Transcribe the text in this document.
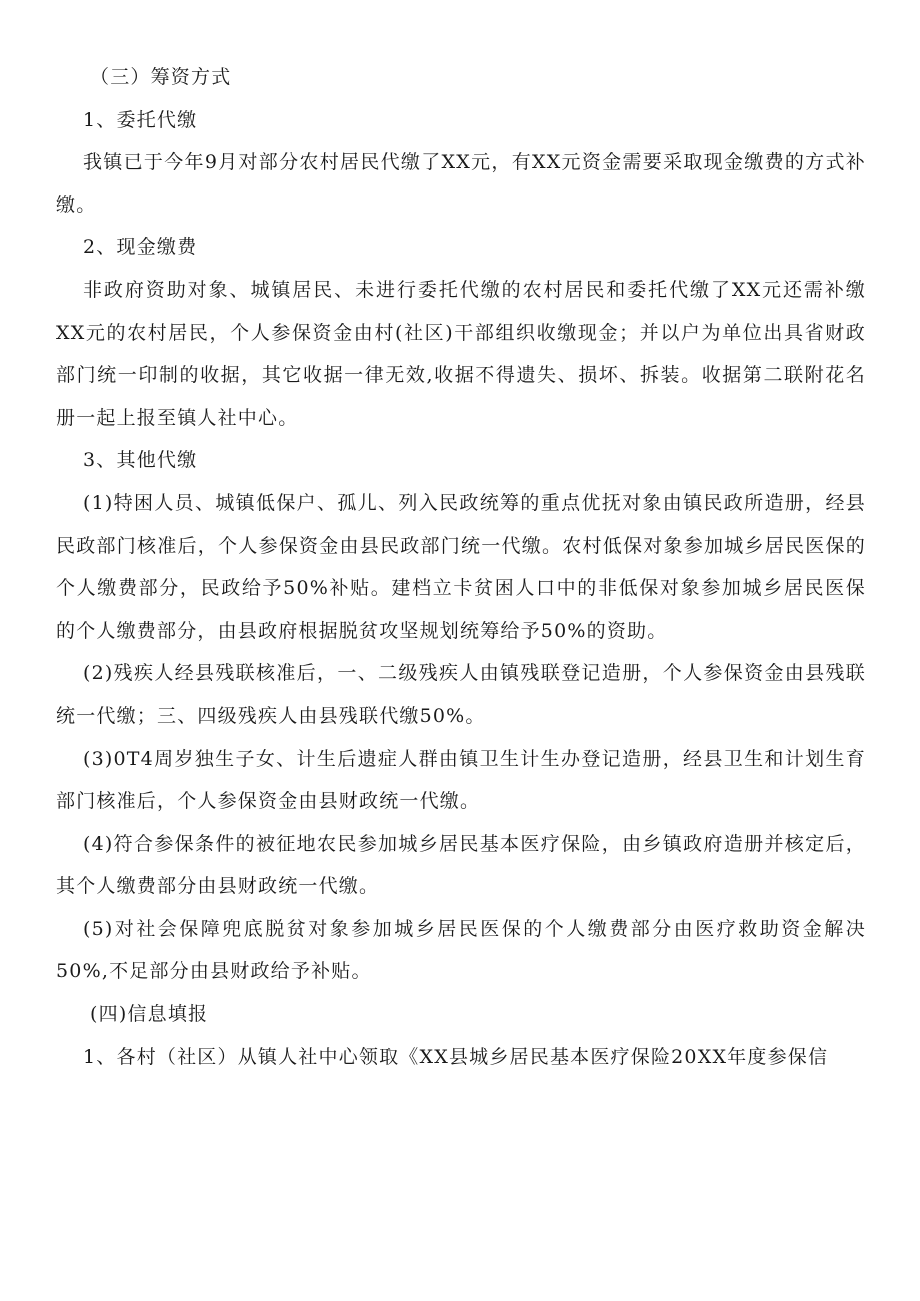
（三）筹资方式

1、委托代缴

我镇已于今年9月对部分农村居民代缴了XX元，有XX元资金需要采取现金缴费的方式补缴。

2、现金缴费

非政府资助对象、城镇居民、未进行委托代缴的农村居民和委托代缴了XX元还需补缴XX元的农村居民，个人参保资金由村(社区)干部组织收缴现金；并以户为单位出具省财政部门统一印制的收据，其它收据一律无效,收据不得遗失、损坏、拆装。收据第二联附花名册一起上报至镇人社中心。

3、其他代缴

(1)特困人员、城镇低保户、孤儿、列入民政统筹的重点优抚对象由镇民政所造册，经县民政部门核准后，个人参保资金由县民政部门统一代缴。农村低保对象参加城乡居民医保的个人缴费部分，民政给予50%补贴。建档立卡贫困人口中的非低保对象参加城乡居民医保的个人缴费部分，由县政府根据脱贫攻坚规划统筹给予50%的资助。

(2)残疾人经县残联核准后，一、二级残疾人由镇残联登记造册，个人参保资金由县残联统一代缴；三、四级残疾人由县残联代缴50%。

(3)0T4周岁独生子女、计生后遗症人群由镇卫生计生办登记造册，经县卫生和计划生育部门核准后，个人参保资金由县财政统一代缴。

(4)符合参保条件的被征地农民参加城乡居民基本医疗保险，由乡镇政府造册并核定后，其个人缴费部分由县财政统一代缴。

(5)对社会保障兜底脱贫对象参加城乡居民医保的个人缴费部分由医疗救助资金解决50%,不足部分由县财政给予补贴。

(四)信息填报

1、各村（社区）从镇人社中心领取《XX县城乡居民基本医疗保险20XX年度参保信
